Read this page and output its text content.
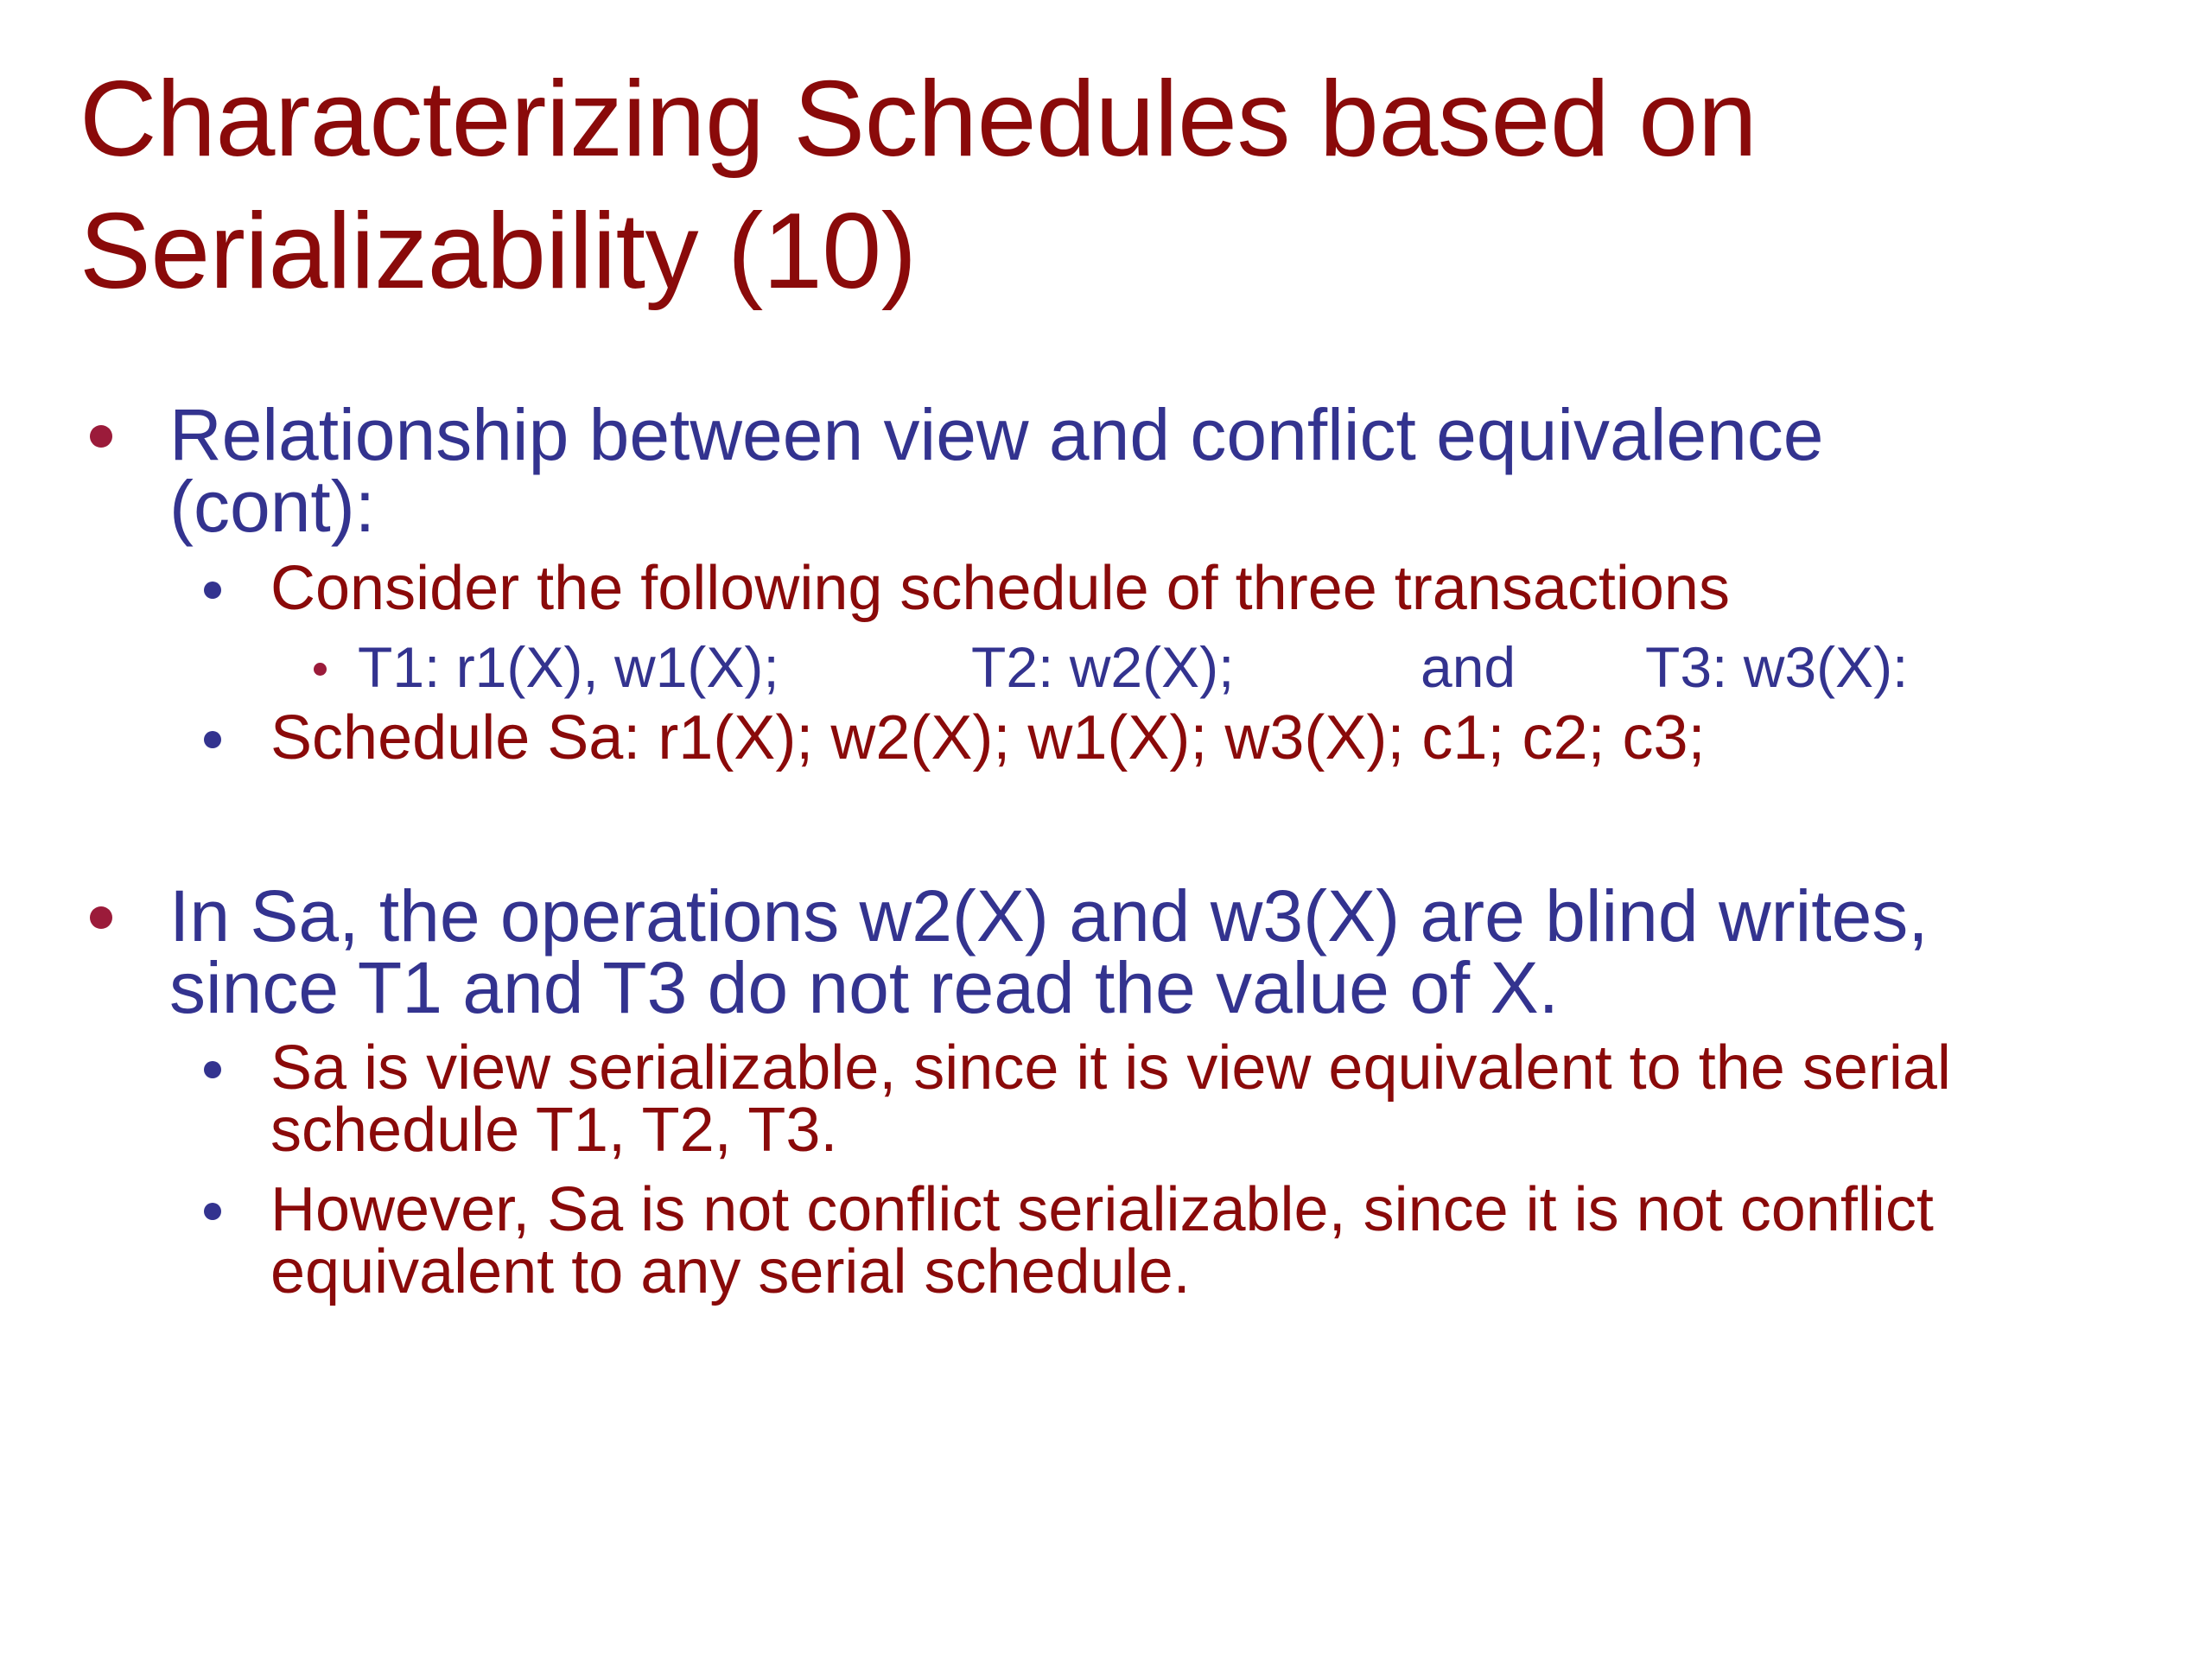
Characterizing Schedules based on
Serializability (10)
Relationship between view and conflict equivalence
(cont):
Consider the following schedule of three transactions
T1: r1(X), w1(X);	T2: w2(X);	and	T3: w3(X):
Schedule Sa: r1(X); w2(X); w1(X); w3(X); c1; c2; c3;
In Sa, the operations w2(X) and w3(X) are blind writes,
since T1 and T3 do not read the value of X.
Sa is view serializable, since it is view equivalent to the serial
schedule T1, T2, T3.
However, Sa is not conflict serializable, since it is not conflict
equivalent to any serial schedule.
